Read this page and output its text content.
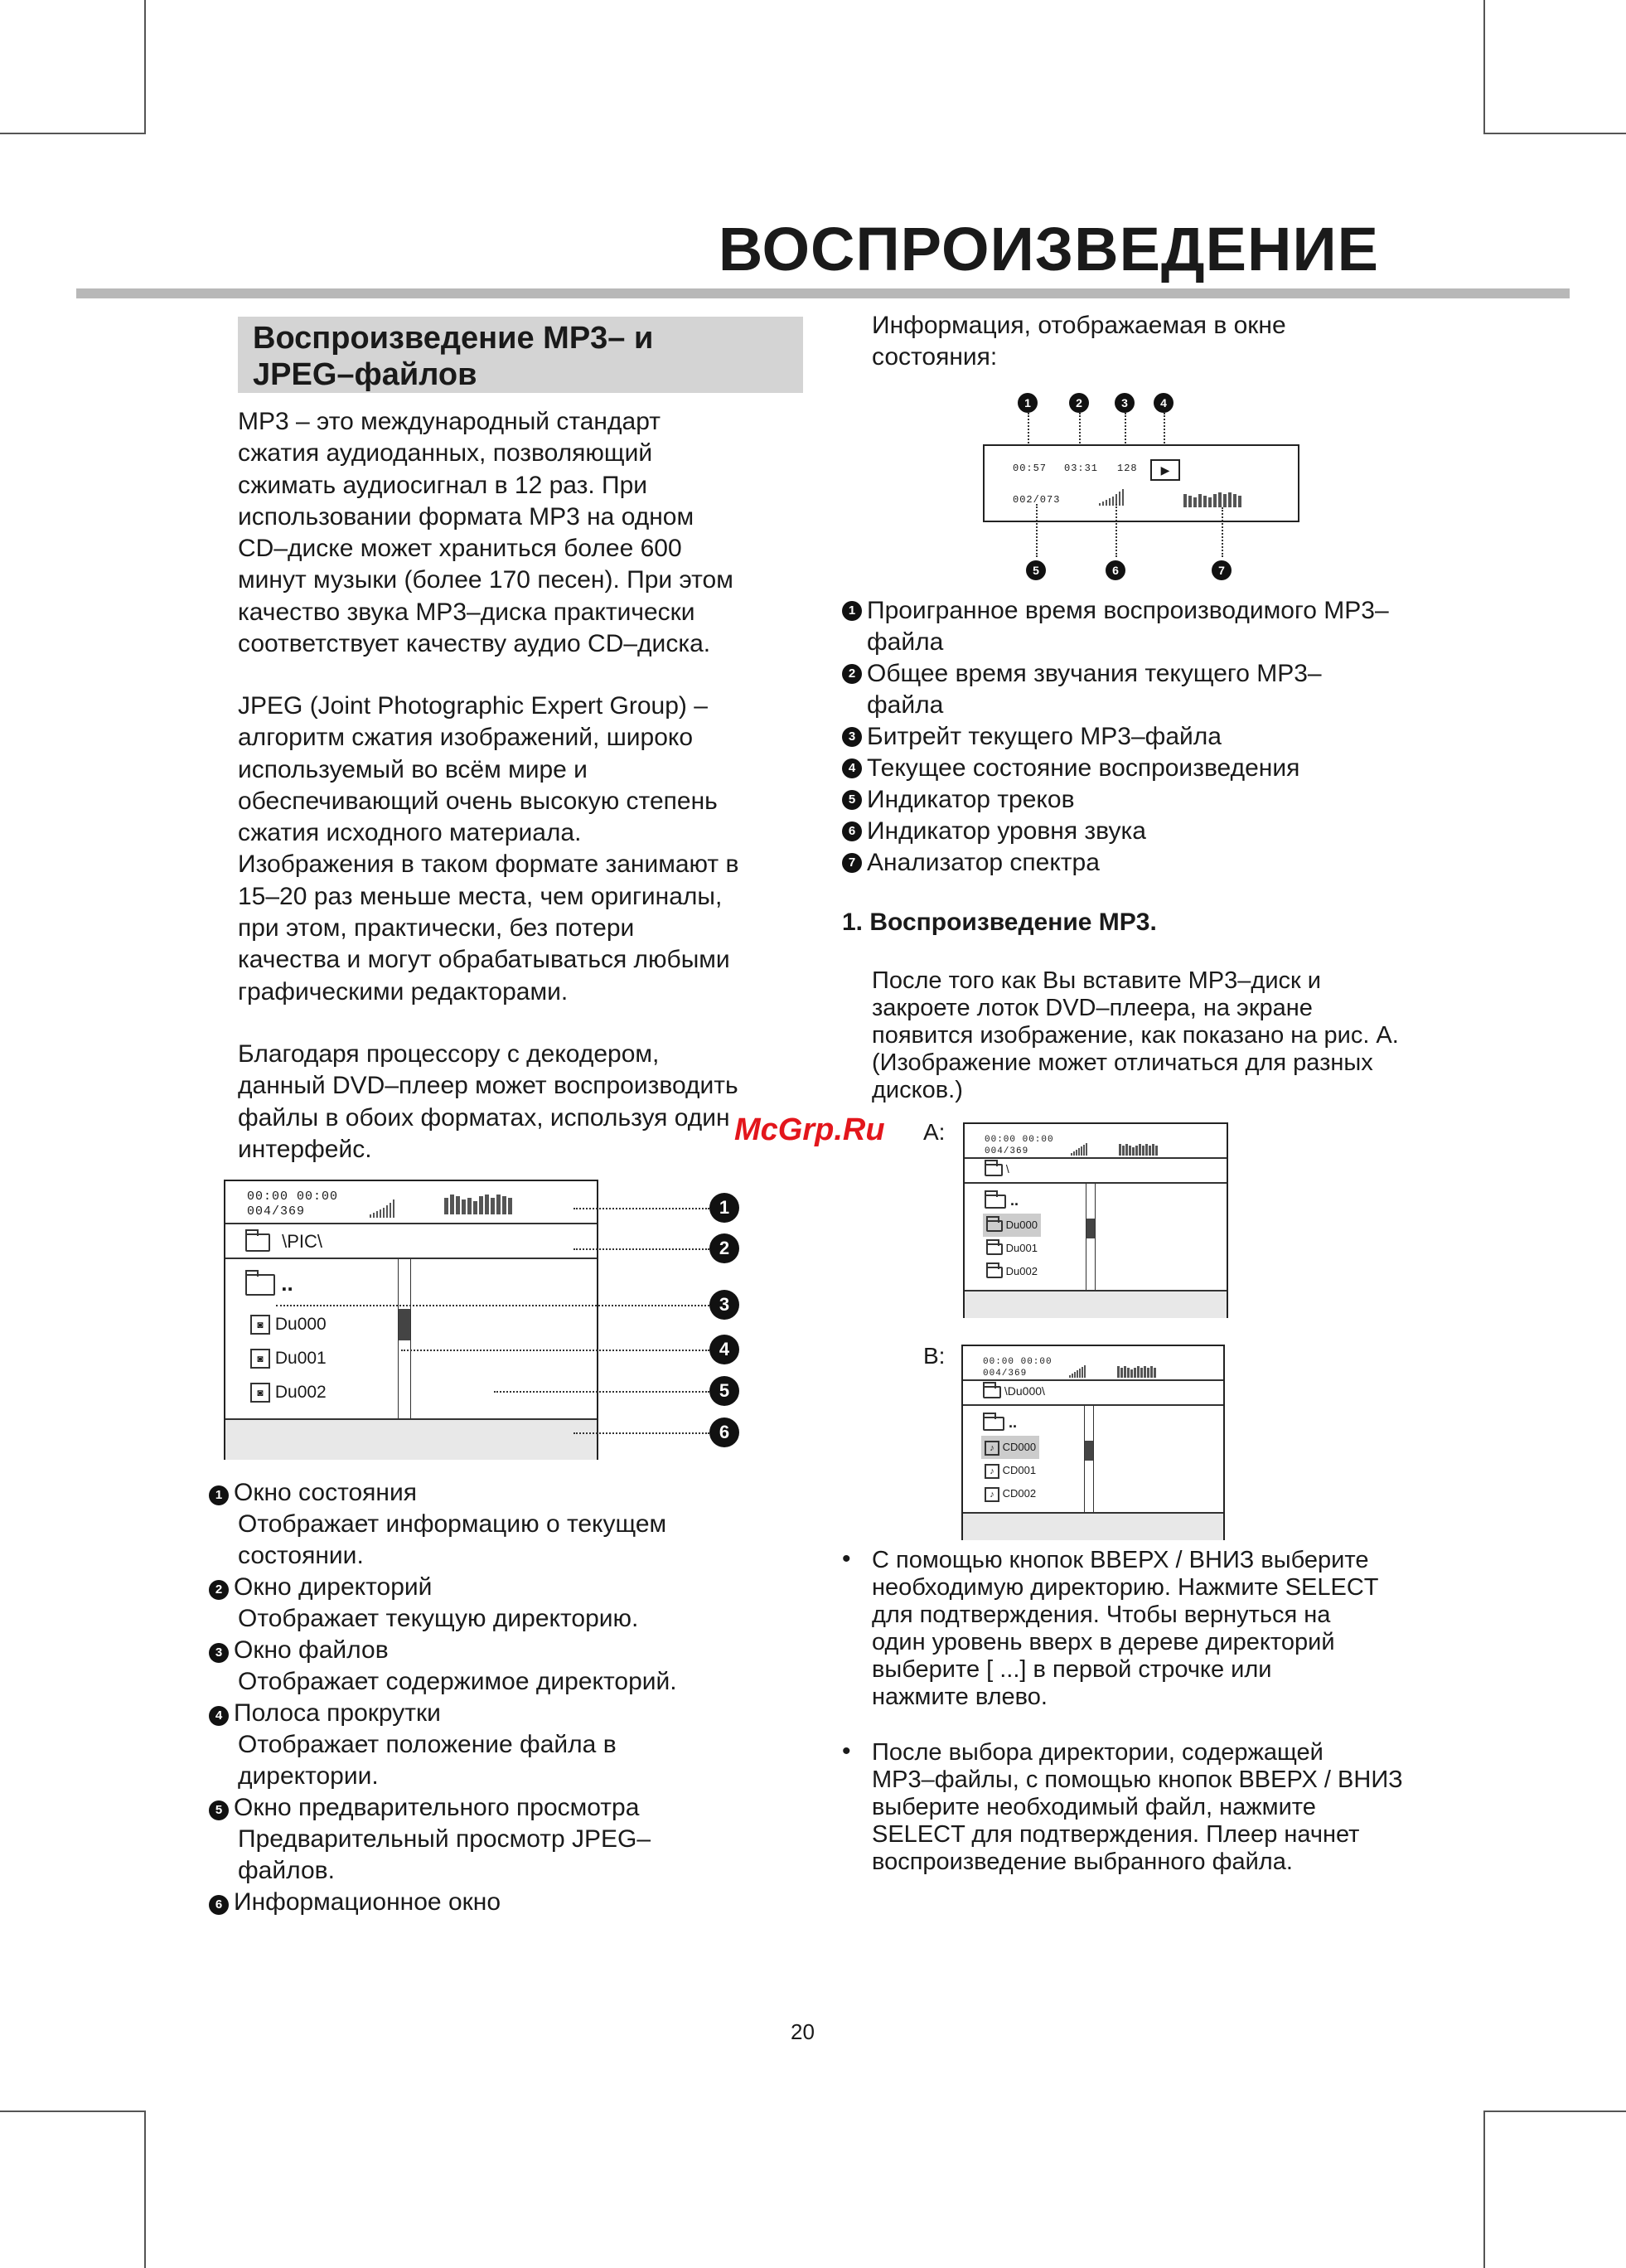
ВОСПРОИЗВЕДЕНИЕ
Воспроизведение MP3– и
JPEG–файлов
MP3 – это международный стандарт
сжатия аудиоданных, позволяющий
сжимать аудиосигнал в 12 раз. При
использовании формата MP3 на одном
CD–диске может храниться более 600
минут музыки (более 170 песен). При этом
качество звука MP3–диска практически
соответствует качеству аудио CD–диска.
JPEG (Joint Photographic Expert Group) –
алгоритм сжатия изображений, широко
используемый во всём мире и
обеспечивающий очень высокую степень
сжатия исходного материала.
Изображения в таком формате занимают в
15–20 раз меньше места, чем оригиналы,
при этом, практически, без потери
качества и могут обрабатываться любыми
графическими редакторами.
Благодаря процессору с декодером,
данный DVD–плеер может воспроизводить
файлы в обоих форматах, используя один
интерфейс.
00:00 00:00
004/369
\PIC\
..
◙ Du000
◙ Du001
◙ Du002
1
2
3
4
5
6
1 Окно состояния
Отображает информацию о текущем
состоянии.
2 Окно директорий
Отображает текущую директорию.
3 Окно файлов
Отображает содержимое директорий.
4 Полоса прокрутки
Отображает положение файла в
директории.
5 Окно предварительного просмотра
Предварительный просмотр JPEG–
файлов.
6 Информационное окно
McGrp.Ru
Информация, отображаемая в окне
состояния:
1	2	3	4
00:57 03:31 128	▶
002/073
5	6	7
1 Проигранное время воспроизводимого MP3–
файла
2 Общее время звучания текущего MP3–
файла
3 Битрейт текущего MP3–файла
4 Текущее состояние воспроизведения
5 Индикатор треков
6 Индикатор уровня звука
7 Анализатор спектра
1. Воспроизведение MP3.
После того как Вы вставите MP3–диск и
закроете лоток DVD–плеера, на экране
появится изображение, как показано на рис. А.
(Изображение может отличаться для разных
дисков.)
A:	00:00 00:00
004/369
\
..
Du000
Du001
Du002
B:	00:00 00:00
004/369
\Du000\
..
♪ CD000
♪ CD001
♪ CD002
• С помощью кнопок ВВЕРХ / ВНИЗ выберите
необходимую директорию. Нажмите SELECT
для подтверждения. Чтобы вернуться на
один уровень вверх в дереве директорий
выберите [ ...] в первой строчке или
нажмите влево.
• После выбора директории, содержащей
MP3–файлы, с помощью кнопок ВВЕРХ / ВНИЗ
выберите необходимый файл, нажмите
SELECT для подтверждения. Плеер начнет
воспроизведение выбранного файла.
20
